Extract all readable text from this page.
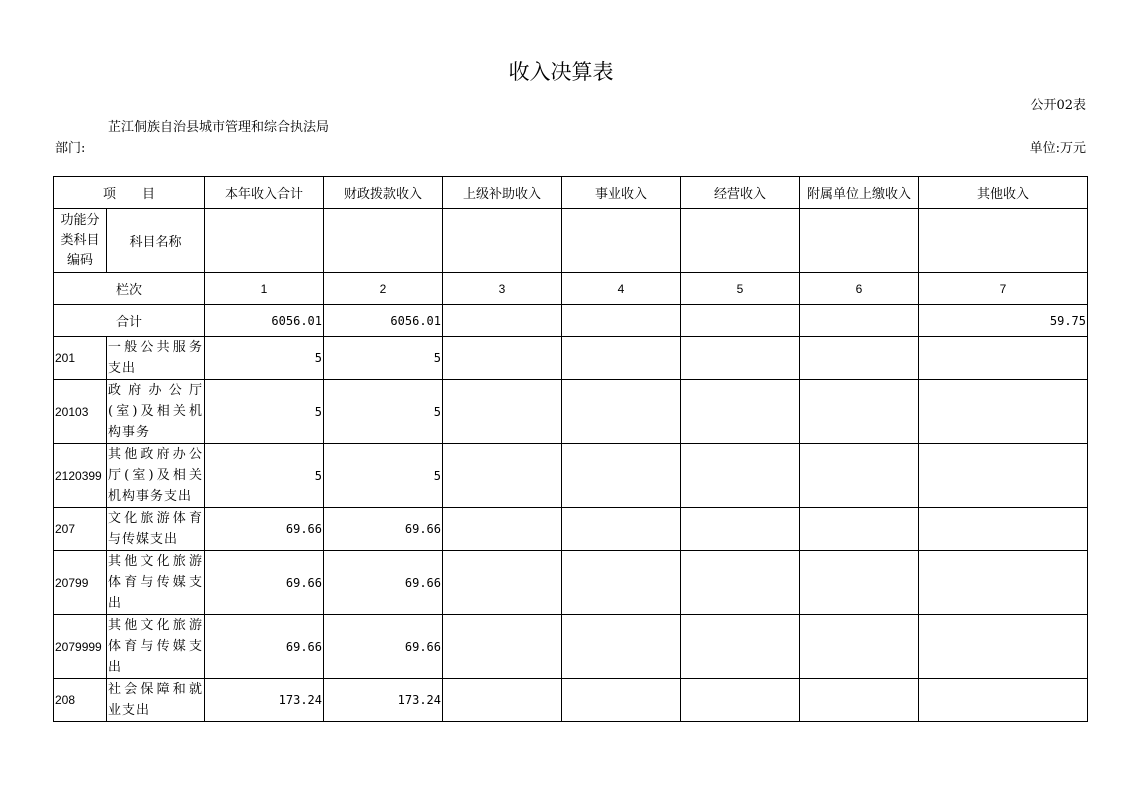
收入决算表
公开02表
芷江侗族自治县城市管理和综合执法局
部门:	单位:万元
项　　目		本年收入合计	财政拨款收入	上级补助收入	事业收入	经营收入	附属单位上缴收入	其他收入
功能分类科目编码	科目名称							
栏次		1	2	3	4	5	6	7
合计		6056.01	6056.01					59.75
201	一般公共服务支出	5	5					
20103	政府办公厅(室)及相关机构事务	5	5					
2120399	其他政府办公厅(室)及相关机构事务支出	5	5					
207	文化旅游体育与传媒支出	69.66	69.66					
20799	其他文化旅游体育与传媒支出	69.66	69.66					
2079999	其他文化旅游体育与传媒支出	69.66	69.66					
208	社会保障和就业支出	173.24	173.24					
